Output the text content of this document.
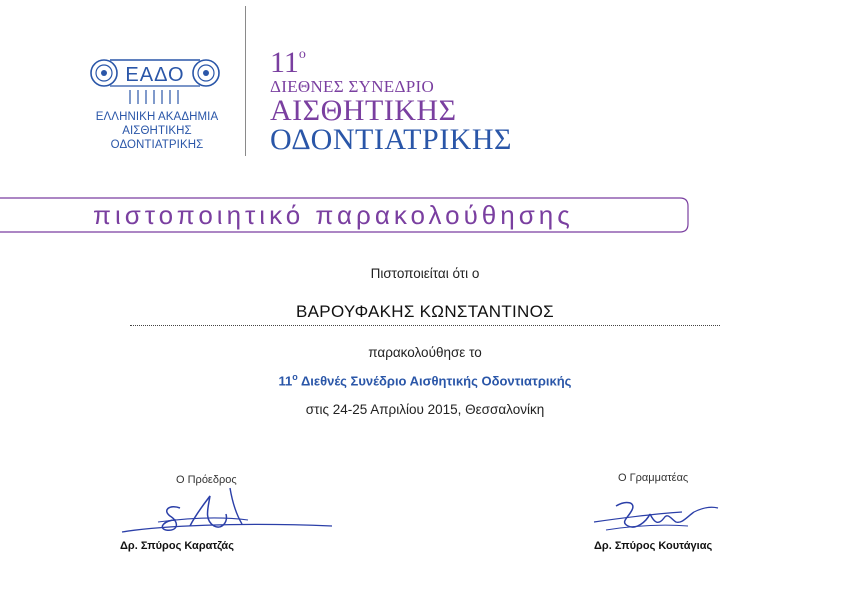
ΕΑΔΟ
ΕΛΛΗΝΙΚΗ ΑΚΑΔΗΜΙΑ
ΑΙΣΘΗΤΙΚΗΣ
ΟΔΟΝΤΙΑΤΡΙΚΗΣ
$11^o$
ΔΙΕΘΝΕΣ ΣΥΝΕΔΡΙΟ
ΑΙΣΘΗΤΙΚΗΣ
ΟΔΟΝΤΙΑΤΡΙΚΗΣ
πιστοποιητικό παρακολούθησης
Πιστοποιείται ότι ο
ΒΑΡΟΥΦΑΚΗΣ ΚΩΝΣΤΑΝΤΙΝΟΣ
παρακολούθησε το
$11^o$ Διεθνές Συνέδριο Αισθητικής Οδοντιατρικής
στις 24-25 Απριλίου 2015, Θεσσαλονίκη
Ο Πρόεδρος
Δρ. Σπύρος Καρατζάς
Ο Γραμματέας
Δρ. Σπύρος Κουτάγιας
